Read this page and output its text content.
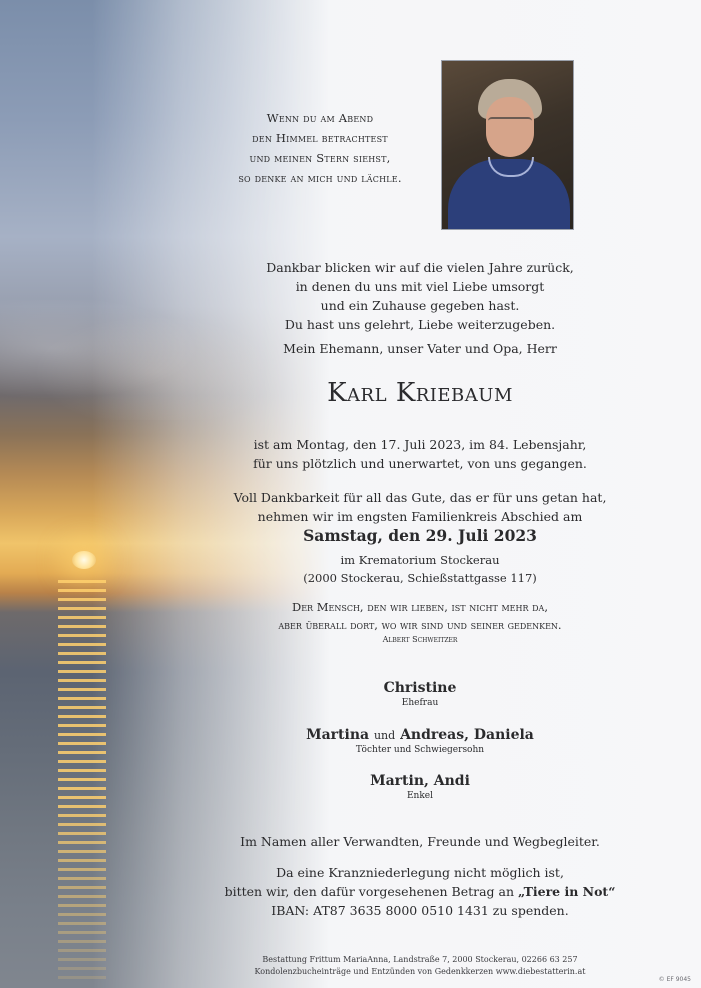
Wenn du am Abend
den Himmel betrachtest
und meinen Stern siehst,
so denke an mich und lächle.
Dankbar blicken wir auf die vielen Jahre zurück,
in denen du uns mit viel Liebe umsorgt
und ein Zuhause gegeben hast.
Du hast uns gelehrt, Liebe weiterzugeben.
Mein Ehemann, unser Vater und Opa, Herr
Karl Kriebaum
ist am Montag, den 17. Juli 2023, im 84. Lebensjahr,
für uns plötzlich und unerwartet, von uns gegangen.
Voll Dankbarkeit für all das Gute, das er für uns getan hat,
nehmen wir im engsten Familienkreis Abschied am
Samstag, den 29. Juli 2023
im Krematorium Stockerau
(2000 Stockerau, Schießstattgasse 117)
Der Mensch, den wir lieben, ist nicht mehr da,
aber überall dort, wo wir sind und seiner gedenken.
Albert Schweitzer
Christine
Ehefrau
Martina und Andreas, Daniela
Töchter und Schwiegersohn
Martin, Andi
Enkel
Im Namen aller Verwandten, Freunde und Wegbegleiter.
Da eine Kranzniederlegung nicht möglich ist,
bitten wir, den dafür vorgesehenen Betrag an „Tiere in Not“
IBAN: AT87 3635 8000 0510 1431 zu spenden.
Bestattung Frittum MariaAnna, Landstraße 7, 2000 Stockerau, 02266 63 257
Kondolenzbucheinträge und Entzünden von Gedenkkerzen www.diebestatterin.at
© EF 9045
